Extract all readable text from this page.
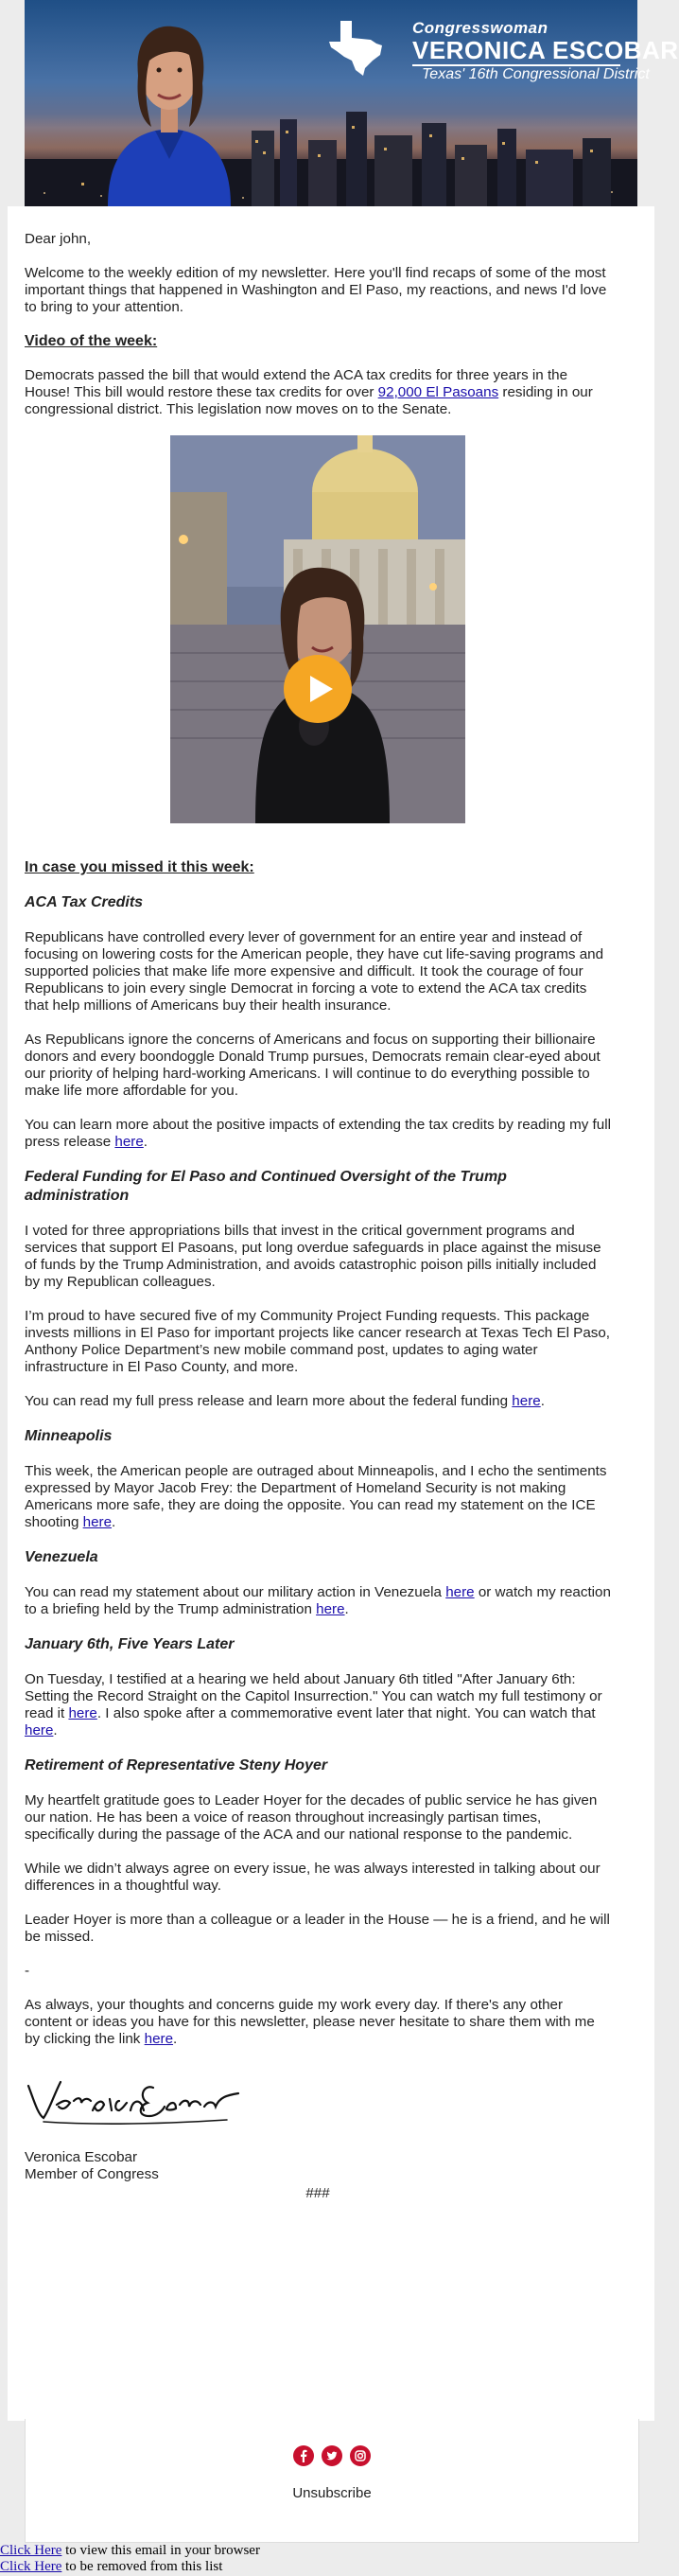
Congresswoman
VERONICA ESCOBAR
Texas' 16th Congressional District

Dear john,

Welcome to the weekly edition of my newsletter. Here you'll find recaps of some of the most important things that happened in Washington and El Paso, my reactions, and news I'd love to bring to your attention.

Video of the week:

Democrats passed the bill that would extend the ACA tax credits for three years in the House! This bill would restore these tax credits for over 92,000 El Pasoans residing in our congressional district. This legislation now moves on to the Senate.

In case you missed it this week:
ACA Tax Credits

Republicans have controlled every lever of government for an entire year and instead of focusing on lowering costs for the American people, they have cut life-saving programs and supported policies that make life more expensive and difficult. It took the courage of four Republicans to join every single Democrat in forcing a vote to extend the ACA tax credits that help millions of Americans buy their health insurance.

As Republicans ignore the concerns of Americans and focus on supporting their billionaire donors and every boondoggle Donald Trump pursues, Democrats remain clear-eyed about our priority of helping hard-working Americans. I will continue to do everything possible to make life more affordable for you.

You can learn more about the positive impacts of extending the tax credits by reading my full press release here.

Federal Funding for El Paso and Continued Oversight of the Trump administration

I voted for three appropriations bills that invest in the critical government programs and services that support El Pasoans, put long overdue safeguards in place against the misuse of funds by the Trump Administration, and avoids catastrophic poison pills initially included by my Republican colleagues.

I’m proud to have secured five of my Community Project Funding requests. This package invests millions in El Paso for important projects like cancer research at Texas Tech El Paso, Anthony Police Department’s new mobile command post, updates to aging water infrastructure in El Paso County, and more.

You can read my full press release and learn more about the federal funding here.

Minneapolis

This week, the American people are outraged about Minneapolis, and I echo the sentiments expressed by Mayor Jacob Frey: the Department of Homeland Security is not making Americans more safe, they are doing the opposite. You can read my statement on the ICE shooting here.

Venezuela

You can read my statement about our military action in Venezuela here or watch my reaction to a briefing held by the Trump administration here.

January 6th, Five Years Later

On Tuesday, I testified at a hearing we held about January 6th titled "After January 6th: Setting the Record Straight on the Capitol Insurrection." You can watch my full testimony or read it here. I also spoke after a commemorative event later that night. You can watch that here.

Retirement of Representative Steny Hoyer

My heartfelt gratitude goes to Leader Hoyer for the decades of public service he has given our nation. He has been a voice of reason throughout increasingly partisan times, specifically during the passage of the ACA and our national response to the pandemic.

While we didn’t always agree on every issue, he was always interested in talking about our differences in a thoughtful way.

Leader Hoyer is more than a colleague or a leader in the House — he is a friend, and he will be missed.

-

As always, your thoughts and concerns guide my work every day. If there's any other content or ideas you have for this newsletter, please never hesitate to share them with me by clicking the link here.

Veronica Escobar
Member of Congress
###
Unsubscribe
Click Here to view this email in your browser
Click Here to be removed from this list
